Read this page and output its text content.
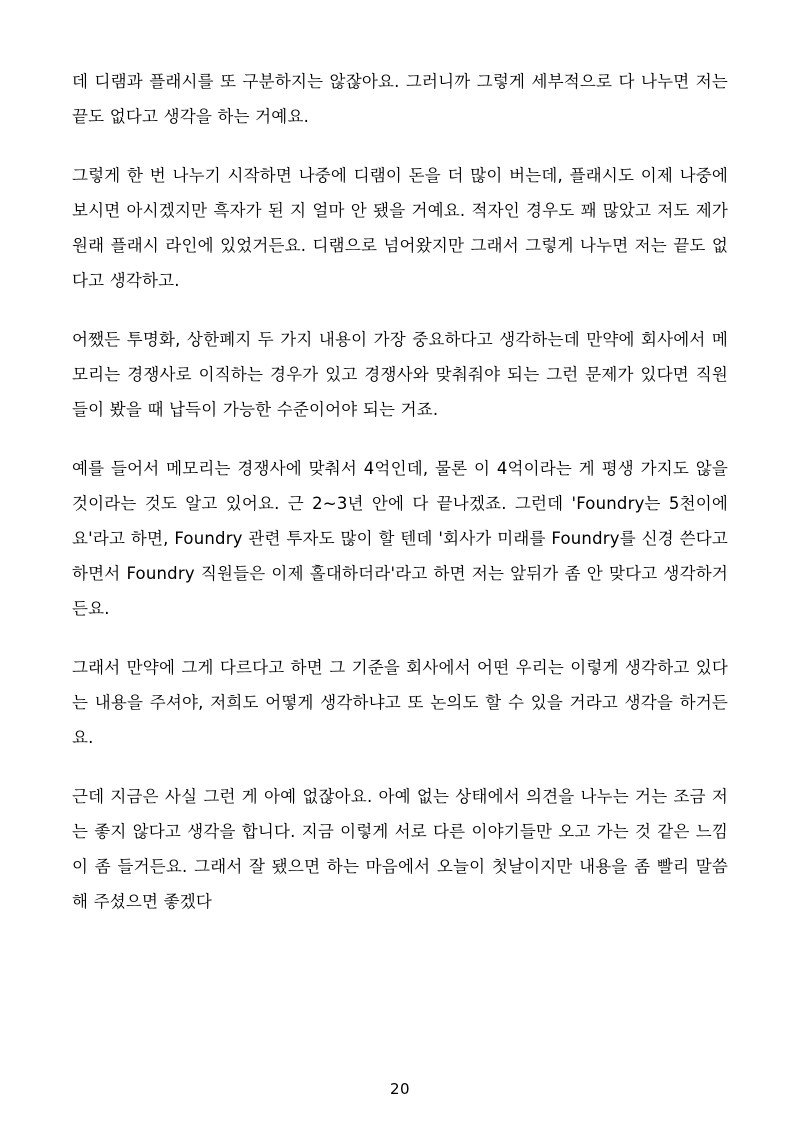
데 디램과 플래시를 또 구분하지는 않잖아요. 그러니까 그렇게 세부적으로 다 나누면 저는 끝도 없다고 생각을 하는 거예요.

그렇게 한 번 나누기 시작하면 나중에 디램이 돈을 더 많이 버는데, 플래시도 이제 나중에 보시면 아시겠지만 흑자가 된 지 얼마 안 됐을 거예요. 적자인 경우도 꽤 많았고 저도 제가 원래 플래시 라인에 있었거든요. 디램으로 넘어왔지만 그래서 그렇게 나누면 저는 끝도 없다고 생각하고.

어쨌든 투명화, 상한폐지 두 가지 내용이 가장 중요하다고 생각하는데 만약에 회사에서 메모리는 경쟁사로 이직하는 경우가 있고 경쟁사와 맞춰줘야 되는 그런 문제가 있다면 직원들이 봤을 때 납득이 가능한 수준이어야 되는 거죠.

예를 들어서 메모리는 경쟁사에 맞춰서 4억인데, 물론 이 4억이라는 게 평생 가지도 않을 것이라는 것도 알고 있어요. 근 2~3년 안에 다 끝나겠죠. 그런데 'Foundry는 5천이에요'라고 하면, Foundry 관련 투자도 많이 할 텐데 '회사가 미래를 Foundry를 신경 쓴다고 하면서 Foundry 직원들은 이제 홀대하더라'라고 하면 저는 앞뒤가 좀 안 맞다고 생각하거든요.

그래서 만약에 그게 다르다고 하면 그 기준을 회사에서 어떤 우리는 이렇게 생각하고 있다는 내용을 주셔야, 저희도 어떻게 생각하냐고 또 논의도 할 수 있을 거라고 생각을 하거든요.

근데 지금은 사실 그런 게 아예 없잖아요. 아예 없는 상태에서 의견을 나누는 거는 조금 저는 좋지 않다고 생각을 합니다. 지금 이렇게 서로 다른 이야기들만 오고 가는 것 같은 느낌이 좀 들거든요. 그래서 잘 됐으면 하는 마음에서 오늘이 첫날이지만 내용을 좀 빨리 말씀해 주셨으면 좋겠다

20
